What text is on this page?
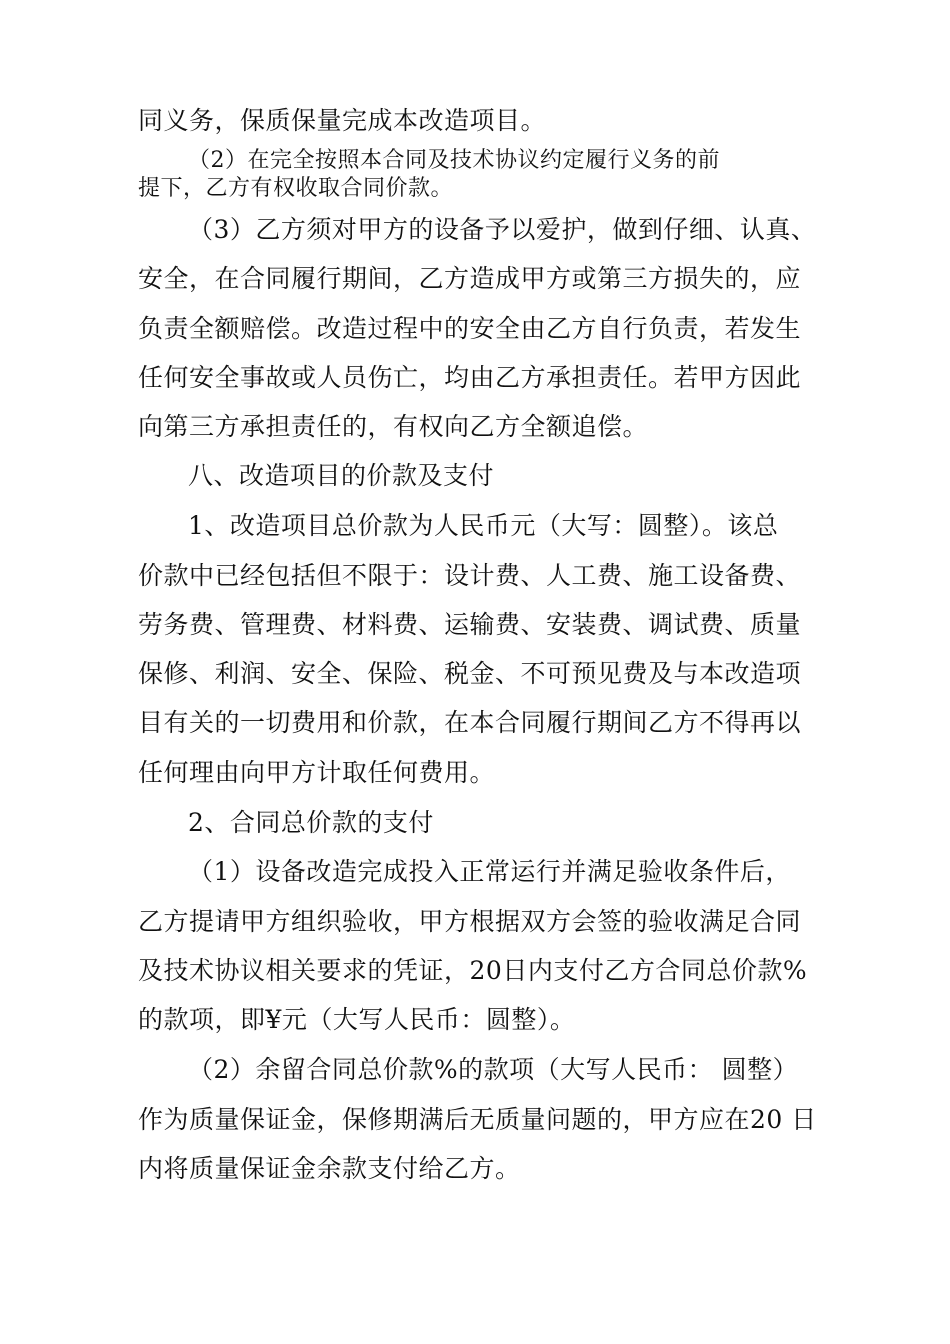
同义务，保质保量完成本改造项目。
（2）在完全按照本合同及技术协议约定履行义务的前
提下，乙方有权收取合同价款。
（3）乙方须对甲方的设备予以爱护，做到仔细、认真、
安全，在合同履行期间，乙方造成甲方或第三方损失的，应
负责全额赔偿。改造过程中的安全由乙方自行负责，若发生
任何安全事故或人员伤亡，均由乙方承担责任。若甲方因此
向第三方承担责任的，有权向乙方全额追偿。
八、改造项目的价款及支付
1、改造项目总价款为人民币元（大写：圆整）。该总
价款中已经包括但不限于：设计费、人工费、施工设备费、
劳务费、管理费、材料费、运输费、安装费、调试费、质量
保修、利润、安全、保险、税金、不可预见费及与本改造项
目有关的一切费用和价款，在本合同履行期间乙方不得再以
任何理由向甲方计取任何费用。
2、合同总价款的支付
（1）设备改造完成投入正常运行并满足验收条件后，
乙方提请甲方组织验收，甲方根据双方会签的验收满足合同
及技术协议相关要求的凭证，20日内支付乙方合同总价款%
的款项，即¥元（大写人民币：圆整）。
（2）余留合同总价款%的款项（大写人民币： 圆整）
作为质量保证金，保修期满后无质量问题的，甲方应在20 日
内将质量保证金余款支付给乙方。
